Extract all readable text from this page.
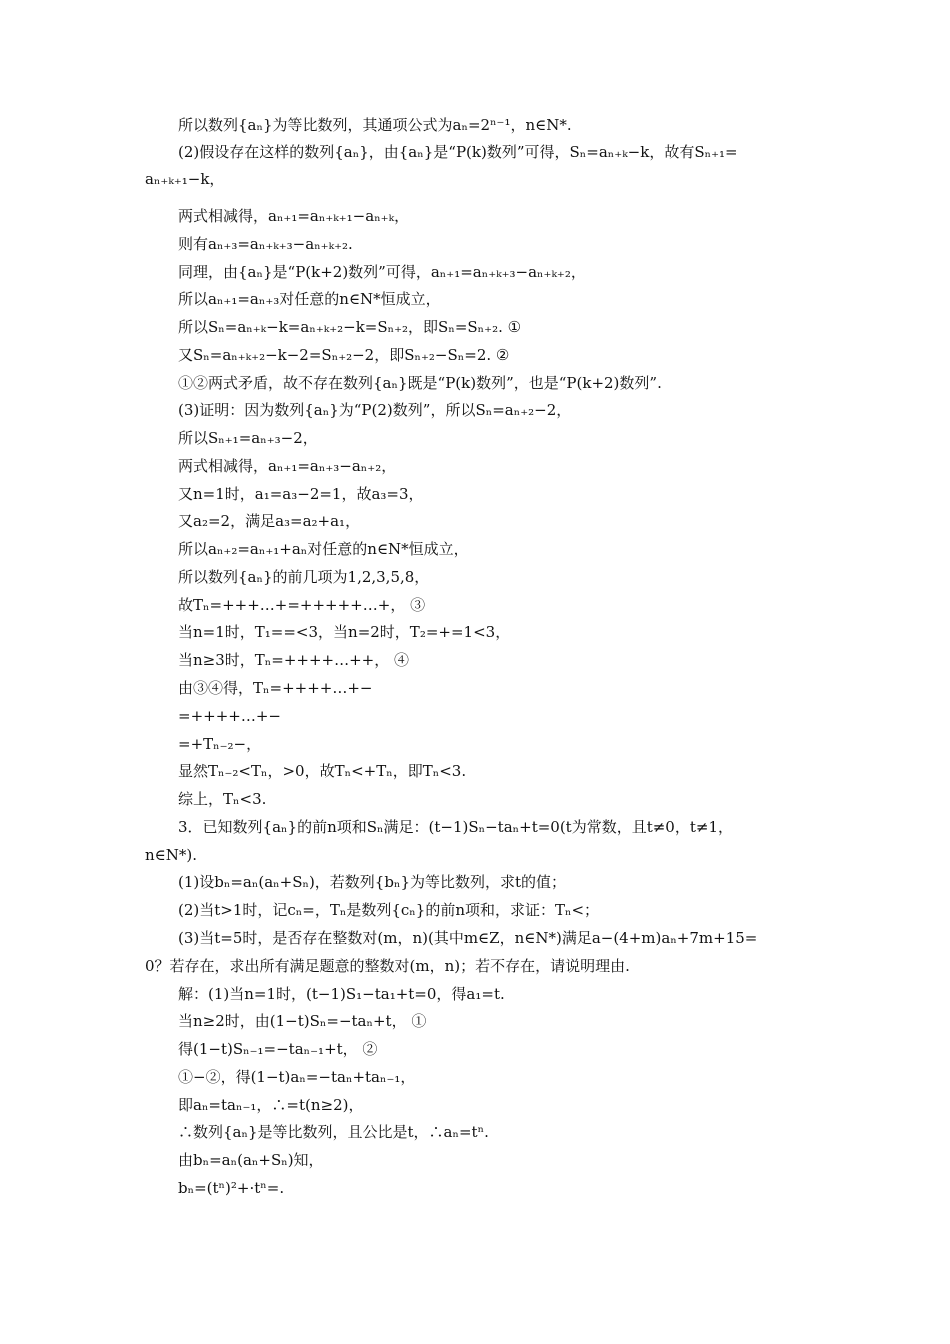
所以数列{aₙ}为等比数列，其通项公式为aₙ=2ⁿ⁻¹，n∈N*.
(2)假设存在这样的数列{aₙ}，由{aₙ}是“P(k)数列”可得，Sₙ=aₙ₊ₖ−k，故有Sₙ₊₁=
aₙ₊ₖ₊₁−k，
两式相减得，aₙ₊₁=aₙ₊ₖ₊₁−aₙ₊ₖ，
则有aₙ₊₃=aₙ₊ₖ₊₃−aₙ₊ₖ₊₂.
同理，由{aₙ}是“P(k+2)数列”可得，aₙ₊₁=aₙ₊ₖ₊₃−aₙ₊ₖ₊₂，
所以aₙ₊₁=aₙ₊₃对任意的n∈N*恒成立，
所以Sₙ=aₙ₊ₖ−k=aₙ₊ₖ₊₂−k=Sₙ₊₂，即Sₙ=Sₙ₊₂. ①
又Sₙ=aₙ₊ₖ₊₂−k−2=Sₙ₊₂−2，即Sₙ₊₂−Sₙ=2. ②
①②两式矛盾，故不存在数列{aₙ}既是“P(k)数列”，也是“P(k+2)数列”.
(3)证明：因为数列{aₙ}为“P(2)数列”，所以Sₙ=aₙ₊₂−2，
所以Sₙ₊₁=aₙ₊₃−2，
两式相减得，aₙ₊₁=aₙ₊₃−aₙ₊₂，
又n=1时，a₁=a₃−2=1，故a₃=3，
又a₂=2，满足a₃=a₂+a₁，
所以aₙ₊₂=aₙ₊₁+aₙ对任意的n∈N*恒成立，
所以数列{aₙ}的前几项为1,2,3,5,8，
故Tₙ=+++…+=+++++…+， ③
当n=1时，T₁==<3，当n=2时，T₂=+=1<3，
当n≥3时，Tₙ=++++…++， ④
由③④得，Tₙ=++++…+−
=++++…+−
=+Tₙ₋₂−，
显然Tₙ₋₂<Tₙ，>0，故Tₙ<+Tₙ，即Tₙ<3.
综上，Tₙ<3.
3．已知数列{aₙ}的前n项和Sₙ满足：(t−1)Sₙ−taₙ+t=0(t为常数，且t≠0，t≠1，
n∈N*).
(1)设bₙ=aₙ(aₙ+Sₙ)，若数列{bₙ}为等比数列，求t的值；
(2)当t>1时，记cₙ=，Tₙ是数列{cₙ}的前n项和，求证：Tₙ<；
(3)当t=5时，是否存在整数对(m，n)(其中m∈Z，n∈N*)满足a−(4+m)aₙ+7m+15=
0？若存在，求出所有满足题意的整数对(m，n)；若不存在，请说明理由.
解：(1)当n=1时，(t−1)S₁−ta₁+t=0，得a₁=t.
当n≥2时，由(1−t)Sₙ=−taₙ+t， ①
得(1−t)Sₙ₋₁=−taₙ₋₁+t， ②
①−②，得(1−t)aₙ=−taₙ+taₙ₋₁，
即aₙ=taₙ₋₁，∴=t(n≥2)，
∴数列{aₙ}是等比数列，且公比是t，∴aₙ=tⁿ.
由bₙ=aₙ(aₙ+Sₙ)知，
bₙ=(tⁿ)²+·tⁿ=.
